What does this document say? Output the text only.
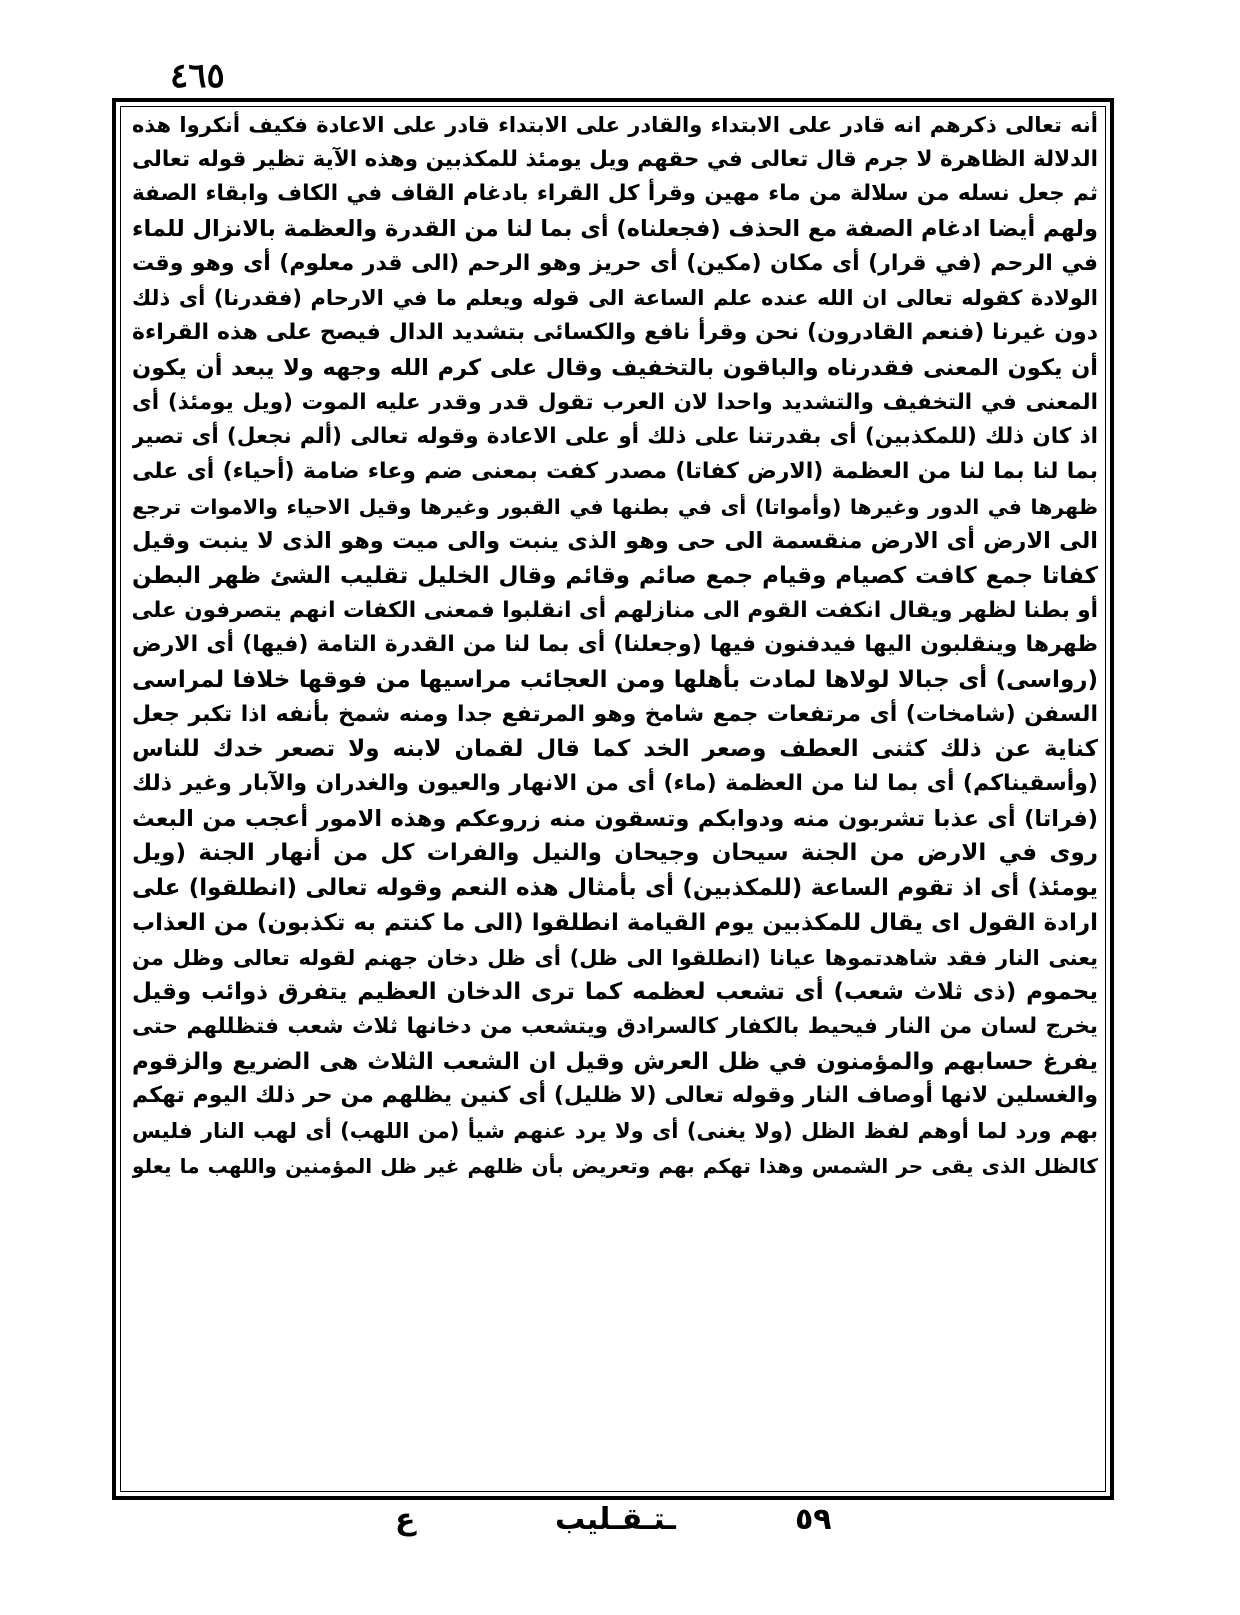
٤٦٥
أنه تعالى ذكرهم انه قادر على الابتداء والقادر على الابتداء قادر على الاعادة فكيف أنكروا هذه
الدلالة الظاهرة لا جرم قال تعالى في حقهم ويل يومئذ للمكذبين وهذه الآية تظير قوله تعالى
ثم جعل نسله من سلالة من ماء مهين وقرأ كل القراء بادغام القاف في الكاف وابقاء الصفة
ولهم أيضا ادغام الصفة مع الحذف (فجعلناه) أى بما لنا من القدرة والعظمة بالانزال للماء
في الرحم (في قرار) أى مكان (مكين) أى حريز وهو الرحم (الى قدر معلوم) أى وهو وقت
الولادة كقوله تعالى ان الله عنده علم الساعة الى قوله ويعلم ما في الارحام (فقدرنا) أى ذلك
دون غيرنا (فنعم القادرون) نحن وقرأ نافع والكسائى بتشديد الدال فيصح على هذه القراءة
أن يكون المعنى فقدرناه والباقون بالتخفيف وقال على كرم الله وجهه ولا يبعد أن يكون
المعنى في التخفيف والتشديد واحدا لان العرب تقول قدر وقدر عليه الموت (ويل يومئذ) أى
اذ كان ذلك (للمكذبين) أى بقدرتنا على ذلك أو على الاعادة وقوله تعالى (ألم نجعل) أى تصير
بما لنا بما لنا من العظمة (الارض كفاتا) مصدر كفت بمعنى ضم وعاء ضامة (أحياء) أى على
ظهرها في الدور وغيرها (وأمواتا) أى في بطنها في القبور وغيرها وقيل الاحياء والاموات ترجع
الى الارض أى الارض منقسمة الى حى وهو الذى ينبت والى ميت وهو الذى لا ينبت وقيل
كفاتا جمع كافت كصيام وقيام جمع صائم وقائم وقال الخليل تقليب الشئ ظهر البطن
أو بطنا لظهر ويقال انكفت القوم الى منازلهم أى انقلبوا فمعنى الكفات انهم يتصرفون على
ظهرها وينقلبون اليها فيدفنون فيها (وجعلنا) أى بما لنا من القدرة التامة (فيها) أى الارض
(رواسى) أى جبالا لولاها لمادت بأهلها ومن العجائب مراسيها من فوقها خلافا لمراسى
السفن (شامخات) أى مرتفعات جمع شامخ وهو المرتفع جدا ومنه شمخ بأنفه اذا تكبر جعل
كناية عن ذلك كثنى العطف وصعر الخد كما قال لقمان لابنه ولا تصعر خدك للناس
(وأسقيناكم) أى بما لنا من العظمة (ماء) أى من الانهار والعيون والغدران والآبار وغير ذلك
(فراتا) أى عذبا تشربون منه ودوابكم وتسقون منه زروعكم وهذه الامور أعجب من البعث
روى في الارض من الجنة سيحان وجيحان والنيل والفرات كل من أنهار الجنة (ويل
يومئذ) أى اذ تقوم الساعة (للمكذبين) أى بأمثال هذه النعم وقوله تعالى (انطلقوا) على
ارادة القول اى يقال للمكذبين يوم القيامة انطلقوا (الى ما كنتم به تكذبون) من العذاب
يعنى النار فقد شاهدتموها عيانا (انطلقوا الى ظل) أى ظل دخان جهنم لقوله تعالى وظل من
يحموم (ذى ثلاث شعب) أى تشعب لعظمه كما ترى الدخان العظيم يتفرق ذوائب وقيل
يخرج لسان من النار فيحيط بالكفار كالسرادق ويتشعب من دخانها ثلاث شعب فتظللهم حتى
يفرغ حسابهم والمؤمنون في ظل العرش وقيل ان الشعب الثلاث هى الضريع والزقوم
والغسلين لانها أوصاف النار وقوله تعالى (لا ظليل) أى كنين يظلهم من حر ذلك اليوم تهكم
بهم ورد لما أوهم لفظ الظل (ولا يغنى) أى ولا يرد عنهم شيأ (من اللهب) أى لهب النار فليس
كالظل الذى يقى حر الشمس وهذا تهكم بهم وتعريض بأن ظلهم غير ظل المؤمنين واللهب ما يعلو
ع	ـتـقـليب	٥٩
